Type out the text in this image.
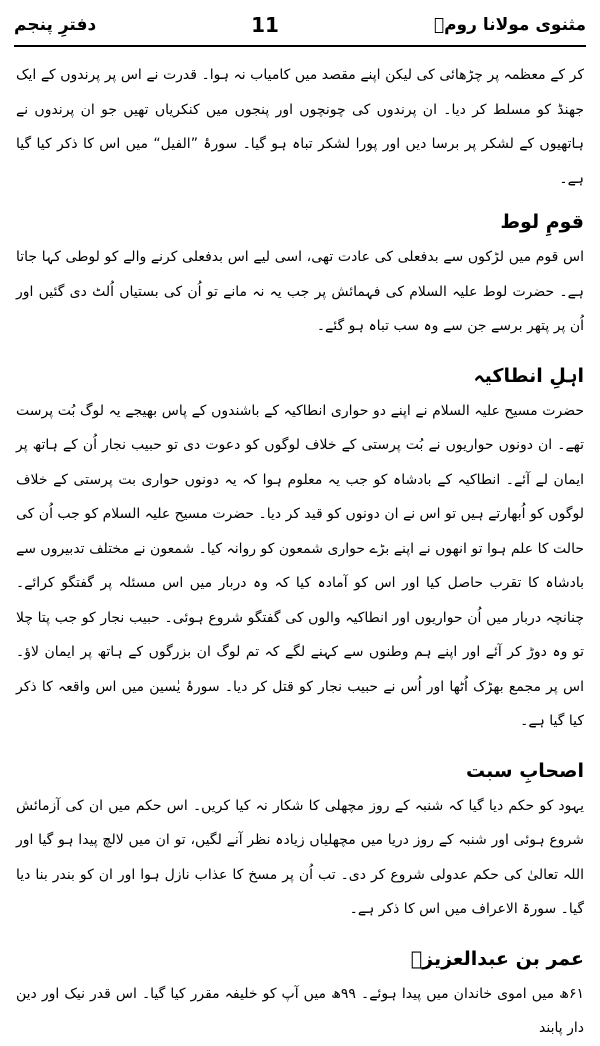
دفترِ پنجم	11	مثنوی مولانا رومؒ

کر کے معظمہ پر چڑھائی کی لیکن اپنے مقصد میں کامیاب نہ ہوا۔ قدرت نے اس پر پرندوں کے ایک جھنڈ کو مسلط کر دیا۔ ان پرندوں کی چونچوں اور پنجوں میں کنکریاں تھیں جو ان پرندوں نے ہاتھیوں کے لشکر پر برسا دیں اور پورا لشکر تباہ ہو گیا۔ سورۂ ”الفیل“ میں اس کا ذکر کیا گیا ہے۔

قومِ لوط

اس قوم میں لڑکوں سے بدفعلی کی عادت تھی، اسی لیے اس بدفعلی کرنے والے کو لوطی کہا جاتا ہے۔ حضرت لوط علیہ السلام کی فہمائش پر جب یہ نہ مانے تو اُن کی بستیاں اُلٹ دی گئیں اور اُن پر پتھر برسے جن سے وہ سب تباہ ہو گئے۔

اہلِ انطاکیہ

حضرت مسیح علیہ السلام نے اپنے دو حواری انطاکیہ کے باشندوں کے پاس بھیجے یہ لوگ بُت پرست تھے۔ ان دونوں حواریوں نے بُت پرستی کے خلاف لوگوں کو دعوت دی تو حبیب نجار اُن کے ہاتھ پر ایمان لے آئے۔ انطاکیہ کے بادشاہ کو جب یہ معلوم ہوا کہ یہ دونوں حواری بت پرستی کے خلاف لوگوں کو اُبھارتے ہیں تو اس نے ان دونوں کو قید کر دیا۔ حضرت مسیح علیہ السلام کو جب اُن کی حالت کا علم ہوا تو انھوں نے اپنے بڑے حواری شمعون کو روانہ کیا۔ شمعون نے مختلف تدبیروں سے بادشاہ کا تقرب حاصل کیا اور اس کو آمادہ کیا کہ وہ دربار میں اس مسئلہ پر گفتگو کرائے۔ چنانچہ دربار میں اُن حواریوں اور انطاکیہ والوں کی گفتگو شروع ہوئی۔ حبیب نجار کو جب پتا چلا تو وہ دوڑ کر آئے اور اپنے ہم وطنوں سے کہنے لگے کہ تم لوگ ان بزرگوں کے ہاتھ پر ایمان لاؤ۔ اس پر مجمع بھڑک اُٹھا اور اُس نے حبیب نجار کو قتل کر دیا۔ سورۂ یٰسین میں اس واقعہ کا ذکر کیا گیا ہے۔

اصحابِ سبت

یہود کو حکم دیا گیا کہ شنبہ کے روز مچھلی کا شکار نہ کیا کریں۔ اس حکم میں ان کی آزمائش شروع ہوئی اور شنبہ کے روز دریا میں مچھلیاں زیادہ نظر آنے لگیں، تو ان میں لالچ پیدا ہو گیا اور اللہ تعالیٰ کی حکم عدولی شروع کر دی۔ تب اُن پر مسخ کا عذاب نازل ہوا اور ان کو بندر بنا دیا گیا۔ سورۃ الاعراف میں اس کا ذکر ہے۔

عمر بن عبدالعزیزؒ

۶۱ھ میں اموی خاندان میں پیدا ہوئے۔ ۹۹ھ میں آپ کو خلیفہ مقرر کیا گیا۔ اس قدر نیک اور دین دار پابند
